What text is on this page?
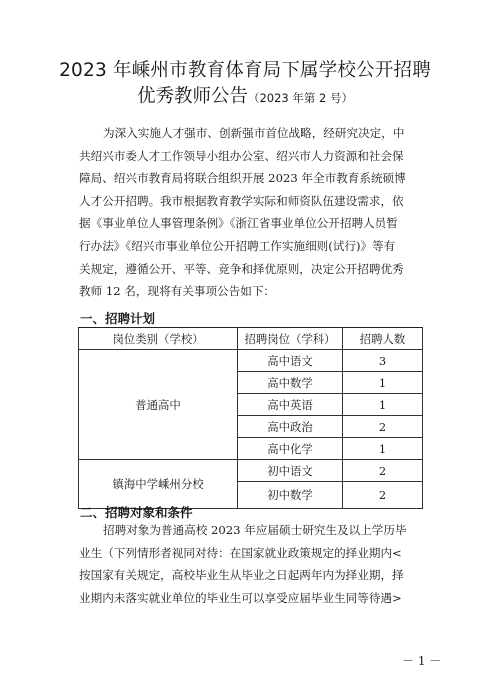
2023 年嵊州市教育体育局下属学校公开招聘
优秀教师公告（2023 年第 2 号）
为深入实施人才强市、创新强市首位战略，经研究决定，中
共绍兴市委人才工作领导小组办公室、绍兴市人力资源和社会保
障局、绍兴市教育局将联合组织开展 2023 年全市教育系统硕博
人才公开招聘。我市根据教育教学实际和师资队伍建设需求，依
据《事业单位人事管理条例》《浙江省事业单位公开招聘人员暂
行办法》《绍兴市事业单位公开招聘工作实施细则(试行)》等有
关规定，遵循公开、平等、竞争和择优原则，决定公开招聘优秀
教师 12 名，现将有关事项公告如下：
一、招聘计划
岗位类别（学校）	招聘岗位（学科）	招聘人数
普通高中	高中语文	3
	高中数学	1
	高中英语	1
	高中政治	2
	高中化学	1
镇海中学嵊州分校	初中语文	2
	初中数学	2
二、招聘对象和条件
招聘对象为普通高校 2023 年应届硕士研究生及以上学历毕
业生（下列情形者视同对待：在国家就业政策规定的择业期内<
按国家有关规定，高校毕业生从毕业之日起两年内为择业期，择
业期内未落实就业单位的毕业生可以享受应届毕业生同等待遇>
－ 1 －
